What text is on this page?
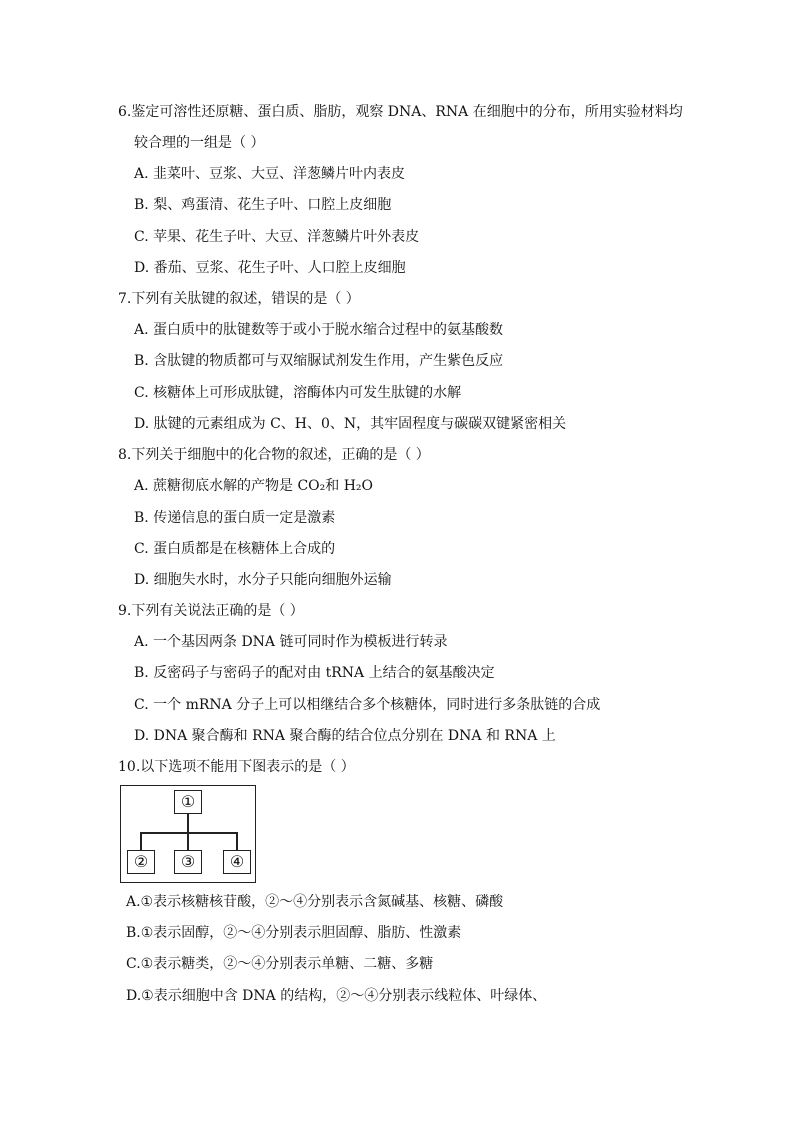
6.鉴定可溶性还原糖、蛋白质、脂肪，观察 DNA、RNA 在细胞中的分布，所用实验材料均
较合理的一组是（ ）
A. 韭菜叶、豆浆、大豆、洋葱鳞片叶内表皮
B. 梨、鸡蛋清、花生子叶、口腔上皮细胞
C. 苹果、花生子叶、大豆、洋葱鳞片叶外表皮
D. 番茄、豆浆、花生子叶、人口腔上皮细胞
7.下列有关肽键的叙述，错误的是（ ）
A. 蛋白质中的肽键数等于或小于脱水缩合过程中的氨基酸数
B. 含肽键的物质都可与双缩脲试剂发生作用，产生紫色反应
C. 核糖体上可形成肽键，溶酶体内可发生肽键的水解
D. 肽键的元素组成为 C、H、0、N，其牢固程度与碳碳双键紧密相关
8.下列关于细胞中的化合物的叙述，正确的是（ ）
A. 蔗糖彻底水解的产物是 CO₂和 H₂O
B. 传递信息的蛋白质一定是激素
C. 蛋白质都是在核糖体上合成的
D. 细胞失水时，水分子只能向细胞外运输
9.下列有关说法正确的是（ ）
A. 一个基因两条 DNA 链可同时作为模板进行转录
B. 反密码子与密码子的配对由 tRNA 上结合的氨基酸决定
C. 一个 mRNA 分子上可以相继结合多个核糖体，同时进行多条肽链的合成
D. DNA 聚合酶和 RNA 聚合酶的结合位点分别在 DNA 和 RNA 上
10.以下选项不能用下图表示的是（ ）
①
②	③	④
A.①表示核糖核苷酸，②～④分别表示含氮碱基、核糖、磷酸
B.①表示固醇，②～④分别表示胆固醇、脂肪、性激素
C.①表示糖类，②～④分别表示单糖、二糖、多糖
D.①表示细胞中含 DNA 的结构，②～④分别表示线粒体、叶绿体、
